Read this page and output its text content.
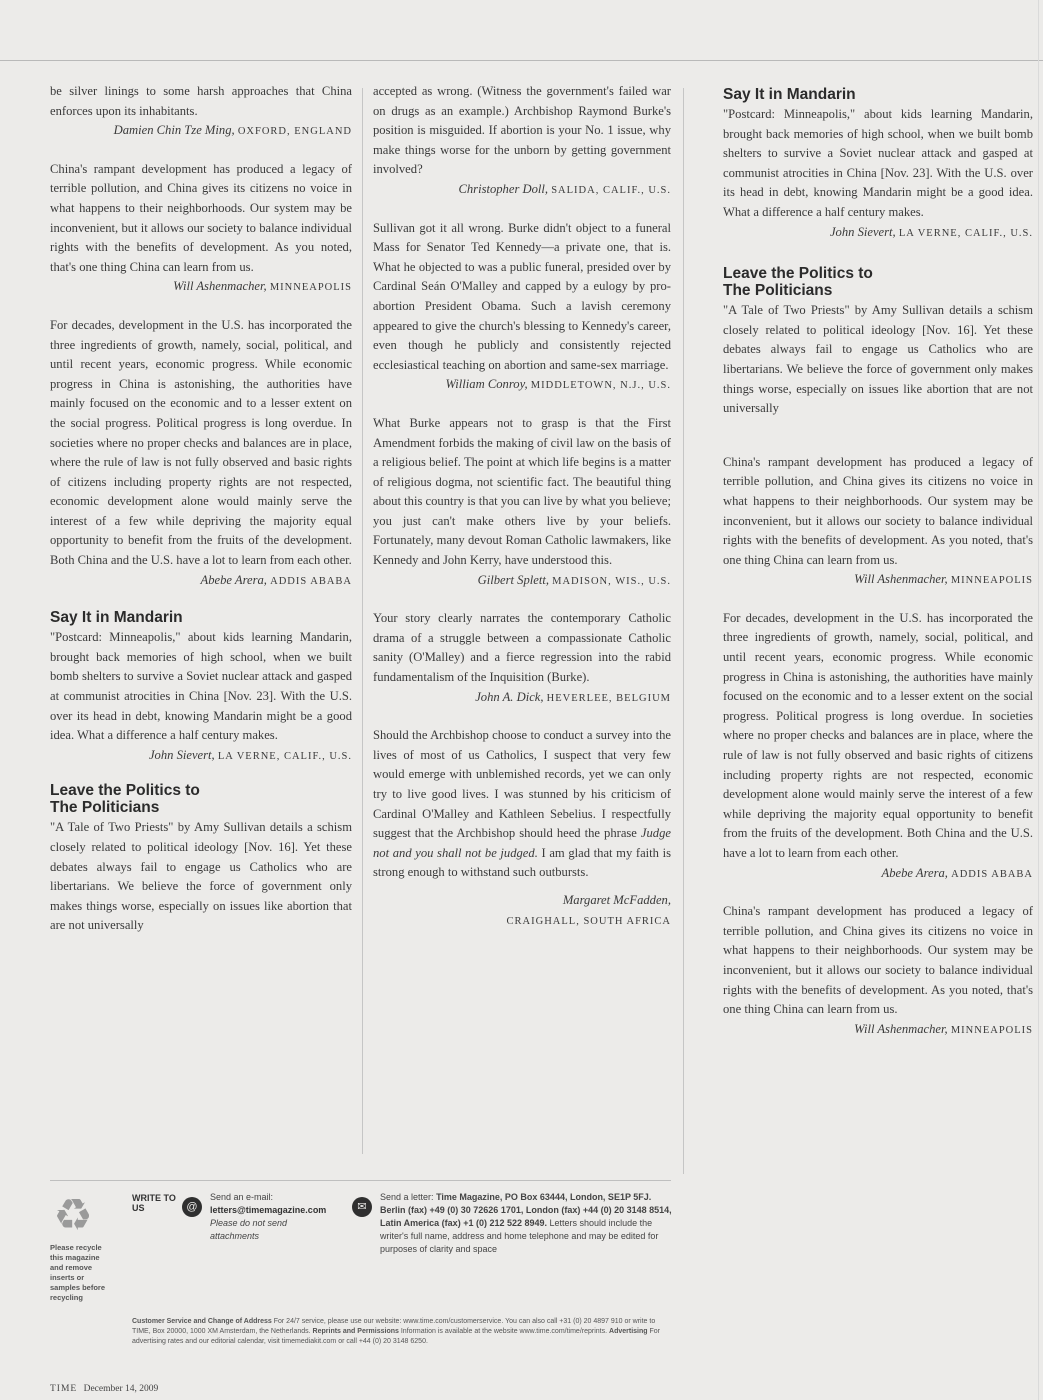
be silver linings to some harsh approaches that China enforces upon its inhabitants.

Damien Chin Tze Ming, OXFORD, ENGLAND

China's rampant development has produced a legacy of terrible pollution, and China gives its citizens no voice in what happens to their neighborhoods. Our system may be inconvenient, but it allows our society to balance individual rights with the benefits of development. As you noted, that's one thing China can learn from us.

Will Ashenmacher, MINNEAPOLIS

For decades, development in the U.S. has incorporated the three ingredients of growth, namely, social, political, and until recent years, economic progress. While economic progress in China is astonishing, the authorities have mainly focused on the economic and to a lesser extent on the social progress. Political progress is long overdue. In societies where no proper checks and balances are in place, where the rule of law is not fully observed and basic rights of citizens including property rights are not respected, economic development alone would mainly serve the interest of a few while depriving the majority equal opportunity to benefit from the fruits of the development. Both China and the U.S. have a lot to learn from each other.

Abebe Arera, ADDIS ABABA

Say It in Mandarin

"Postcard: Minneapolis," about kids learning Mandarin, brought back memories of high school, when we built bomb shelters to survive a Soviet nuclear attack and gasped at communist atrocities in China [Nov. 23]. With the U.S. over its head in debt, knowing Mandarin might be a good idea. What a difference a half century makes.

John Sievert, LA VERNE, CALIF., U.S.

Leave the Politics to
The Politicians

"A Tale of Two Priests" by Amy Sullivan details a schism closely related to political ideology [Nov. 16]. Yet these debates always fail to engage us Catholics who are libertarians. We believe the force of government only makes things worse, especially on issues like abortion that are not universally

accepted as wrong. (Witness the government's failed war on drugs as an example.) Archbishop Raymond Burke's position is misguided. If abortion is your No. 1 issue, why make things worse for the unborn by getting government involved?

Christopher Doll, SALIDA, CALIF., U.S.

Sullivan got it all wrong. Burke didn't object to a funeral Mass for Senator Ted Kennedy—a private one, that is. What he objected to was a public funeral, presided over by Cardinal Seán O'Malley and capped by a eulogy by pro-abortion President Obama. Such a lavish ceremony appeared to give the church's blessing to Kennedy's career, even though he publicly and consistently rejected ecclesiastical teaching on abortion and same-sex marriage.

William Conroy, MIDDLETOWN, N.J., U.S.

What Burke appears not to grasp is that the First Amendment forbids the making of civil law on the basis of a religious belief. The point at which life begins is a matter of religious dogma, not scientific fact. The beautiful thing about this country is that you can live by what you believe; you just can't make others live by your beliefs. Fortunately, many devout Roman Catholic lawmakers, like Kennedy and John Kerry, have understood this.

Gilbert Splett, MADISON, WIS., U.S.

Your story clearly narrates the contemporary Catholic drama of a struggle between a compassionate Catholic sanity (O'Malley) and a fierce regression into the rabid fundamentalism of the Inquisition (Burke).

John A. Dick, HEVERLEE, BELGIUM

Should the Archbishop choose to conduct a survey into the lives of most of us Catholics, I suspect that very few would emerge with unblemished records, yet we can only try to live good lives. I was stunned by his criticism of Cardinal O'Malley and Kathleen Sebelius. I respectfully suggest that the Archbishop should heed the phrase Judge not and you shall not be judged. I am glad that my faith is strong enough to withstand such outbursts.

Margaret McFadden,

CRAIGHALL, SOUTH AFRICA

Say It in Mandarin

"Postcard: Minneapolis," about kids learning Mandarin, brought back memories of high school, when we built bomb shelters to survive a Soviet nuclear attack and gasped at communist atrocities in China [Nov. 23]. With the U.S. over its head in debt, knowing Mandarin might be a good idea. What a difference a half century makes.

John Sievert, LA VERNE, CALIF., U.S.

Leave the Politics to
The Politicians

"A Tale of Two Priests" by Amy Sullivan details a schism closely related to political ideology [Nov. 16]. Yet these debates always fail to engage us Catholics who are libertarians. We believe the force of government only makes things worse, especially on issues like abortion that are not universally

China's rampant development has produced a legacy of terrible pollution, and China gives its citizens no voice in what happens to their neighborhoods. Our system may be inconvenient, but it allows our society to balance individual rights with the benefits of development. As you noted, that's one thing China can learn from us.

Will Ashenmacher, MINNEAPOLIS

For decades, development in the U.S. has incorporated the three ingredients of growth, namely, social, political, and until recent years, economic progress. While economic progress in China is astonishing, the authorities have mainly focused on the economic and to a lesser extent on the social progress. Political progress is long overdue. In societies where no proper checks and balances are in place, where the rule of law is not fully observed and basic rights of citizens including property rights are not respected, economic development alone would mainly serve the interest of a few while depriving the majority equal opportunity to benefit from the fruits of the development. Both China and the U.S. have a lot to learn from each other.

Abebe Arera, ADDIS ABABA

China's rampant development has produced a legacy of terrible pollution, and China gives its citizens no voice in what happens to their neighborhoods. Our system may be inconvenient, but it allows our society to balance individual rights with the benefits of development. As you noted, that's one thing China can learn from us.

Will Ashenmacher, MINNEAPOLIS

♻
Please recycle this magazine and remove inserts or samples before recycling
WRITE TO US	@
Send an e-mail:
letters@timemagazine.com
Please do not send attachments
✉
Send a letter: Time Magazine, PO Box 63444, London, SE1P 5FJ. Berlin (fax) +49 (0) 30 72626 1701, London (fax) +44 (0) 20 3148 8514, Latin America (fax) +1 (0) 212 522 8949. Letters should include the writer's full name, address and home telephone and may be edited for purposes of clarity and space
Customer Service and Change of Address For 24/7 service, please use our website: www.time.com/customerservice. You can also call +31 (0) 20 4897 910 or write to TIME, Box 20000, 1000 XM Amsterdam, the Netherlands. Reprints and Permissions Information is available at the website www.time.com/time/reprints. Advertising For advertising rates and our editorial calendar, visit timemediakit.com or call +44 (0) 20 3148 6250.
TIME December 14, 2009
